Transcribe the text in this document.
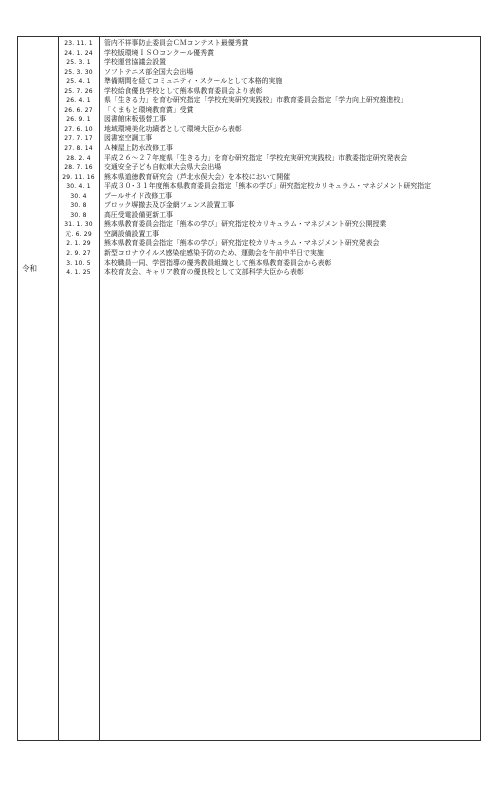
令和
23. 11. 1	管内不祥事防止委員会ＣＭコンテスト最優秀賞
24. 1. 24	学校版環境ＩＳＯコンクール優秀賞
25. 3. 1	学校運営協議会設置
25. 3. 30	ソフトテニス部全国大会出場
25. 4. 1	準備期間を経てコミュニティ・スクールとして本格的実施
25. 7. 26	学校給食優良学校として熊本県教育委員会より表彰
26. 4. 1	県「生きる力」を育む研究指定「学校充実研究実践校」市教育委員会指定「学力向上研究推進校」
26. 6. 27	「くまもと環境教育賞」受賞
26. 9. 1	図書館床板張替工事
27. 6. 10	地域環境美化功績者として環境大臣から表彰
27. 7. 17	図書室空調工事
27. 8. 14	Ａ棟屋上防水改修工事
28. 2. 4	平成２６〜２７年度県「生きる力」を育む研究指定「学校充実研究実践校」市教委指定研究発表会
28. 7. 16	交通安全子ども自転車大会県大会出場
29. 11. 16	熊本県道徳教育研究会（芦北水俣大会）を本校において開催
30. 4. 1	平成３０･３１年度熊本県教育委員会指定「熊本の学び」研究指定校カリキュラム・マネジメント研究指定
30. 4	プールサイド改修工事
30. 8	ブロック塀撤去及び金網フェンス設置工事
30. 8	高圧受電設備更新工事
31. 1. 30	熊本県教育委員会指定「熊本の学び」研究指定校カリキュラム・マネジメント研究公開授業
元. 6. 29	空調設備設置工事
2. 1. 29	熊本県教育委員会指定「熊本の学び」研究指定校カリキュラム・マネジメント研究発表会
2. 9. 27	新型コロナウイルス感染症感染予防のため、運動会を午前中半日で実施
3. 10. 5	本校職員一同、学習指導の優秀教員組織として熊本県教育委員会から表彰
4. 1. 25	本校育友会、キャリア教育の優良校として文部科学大臣から表彰
